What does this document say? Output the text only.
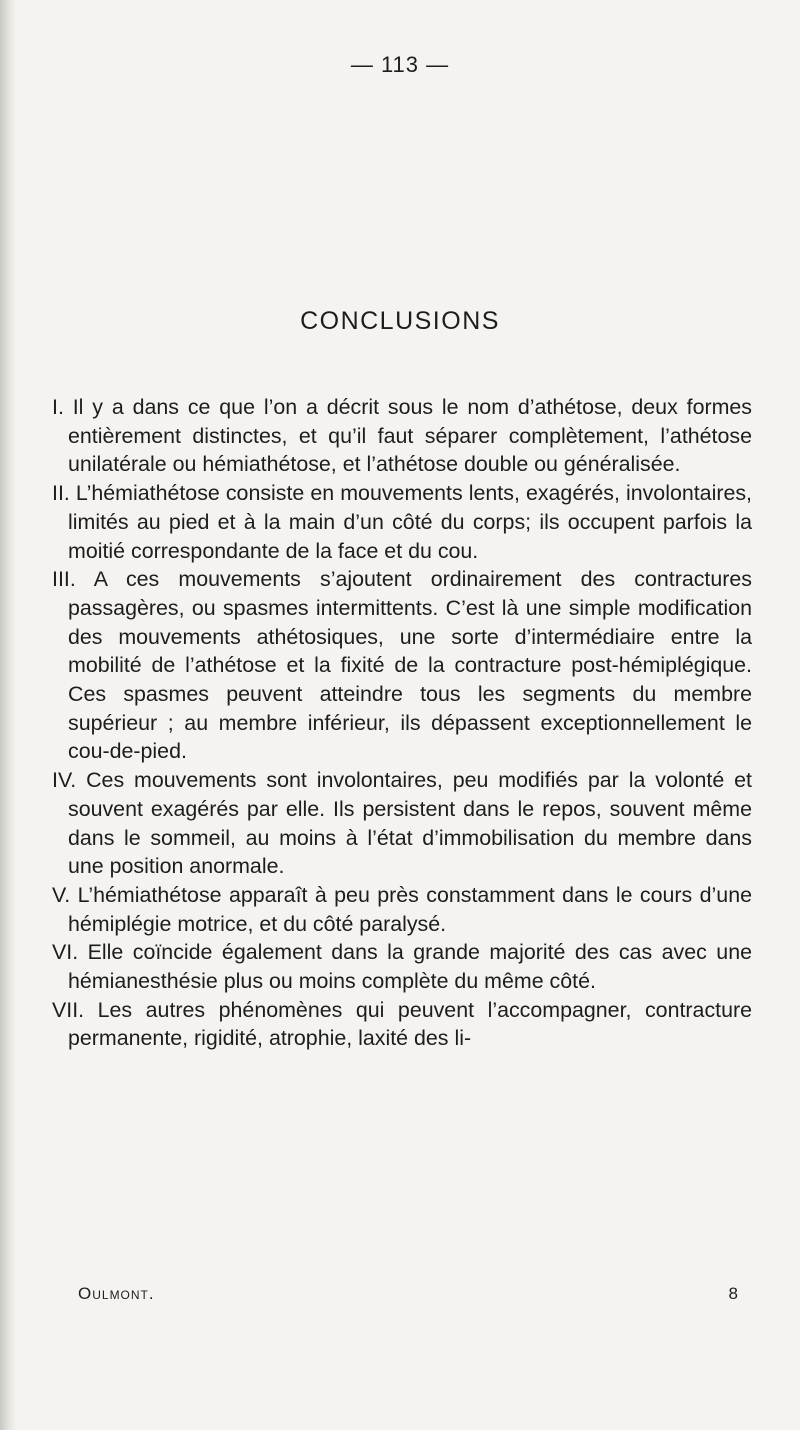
— 113 —
CONCLUSIONS

I. Il y a dans ce que l’on a décrit sous le nom d’athétose, deux formes entièrement distinctes, et qu’il faut séparer complètement, l’athétose unilatérale ou hémiathétose, et l’athétose double ou généralisée.

II. L’hémiathétose consiste en mouvements lents, exagérés, involontaires, limités au pied et à la main d’un côté du corps; ils occupent parfois la moitié correspondante de la face et du cou.

III. A ces mouvements s’ajoutent ordinairement des contractures passagères, ou spasmes intermittents. C’est là une simple modification des mouvements athétosiques, une sorte d’intermédiaire entre la mobilité de l’athétose et la fixité de la contracture post-hémiplégique. Ces spasmes peuvent atteindre tous les segments du membre supérieur ; au membre inférieur, ils dépassent exceptionnellement le cou-de-pied.

IV. Ces mouvements sont involontaires, peu modifiés par la volonté et souvent exagérés par elle. Ils persistent dans le repos, souvent même dans le sommeil, au moins à l’état d’immobilisation du membre dans une position anormale.

V. L’hémiathétose apparaît à peu près constamment dans le cours d’une hémiplégie motrice, et du côté paralysé.

VI. Elle coïncide également dans la grande majorité des cas avec une hémianesthésie plus ou moins complète du même côté.

VII. Les autres phénomènes qui peuvent l’accompagner, contracture permanente, rigidité, atrophie, laxité des li-

Oulmont.	8
